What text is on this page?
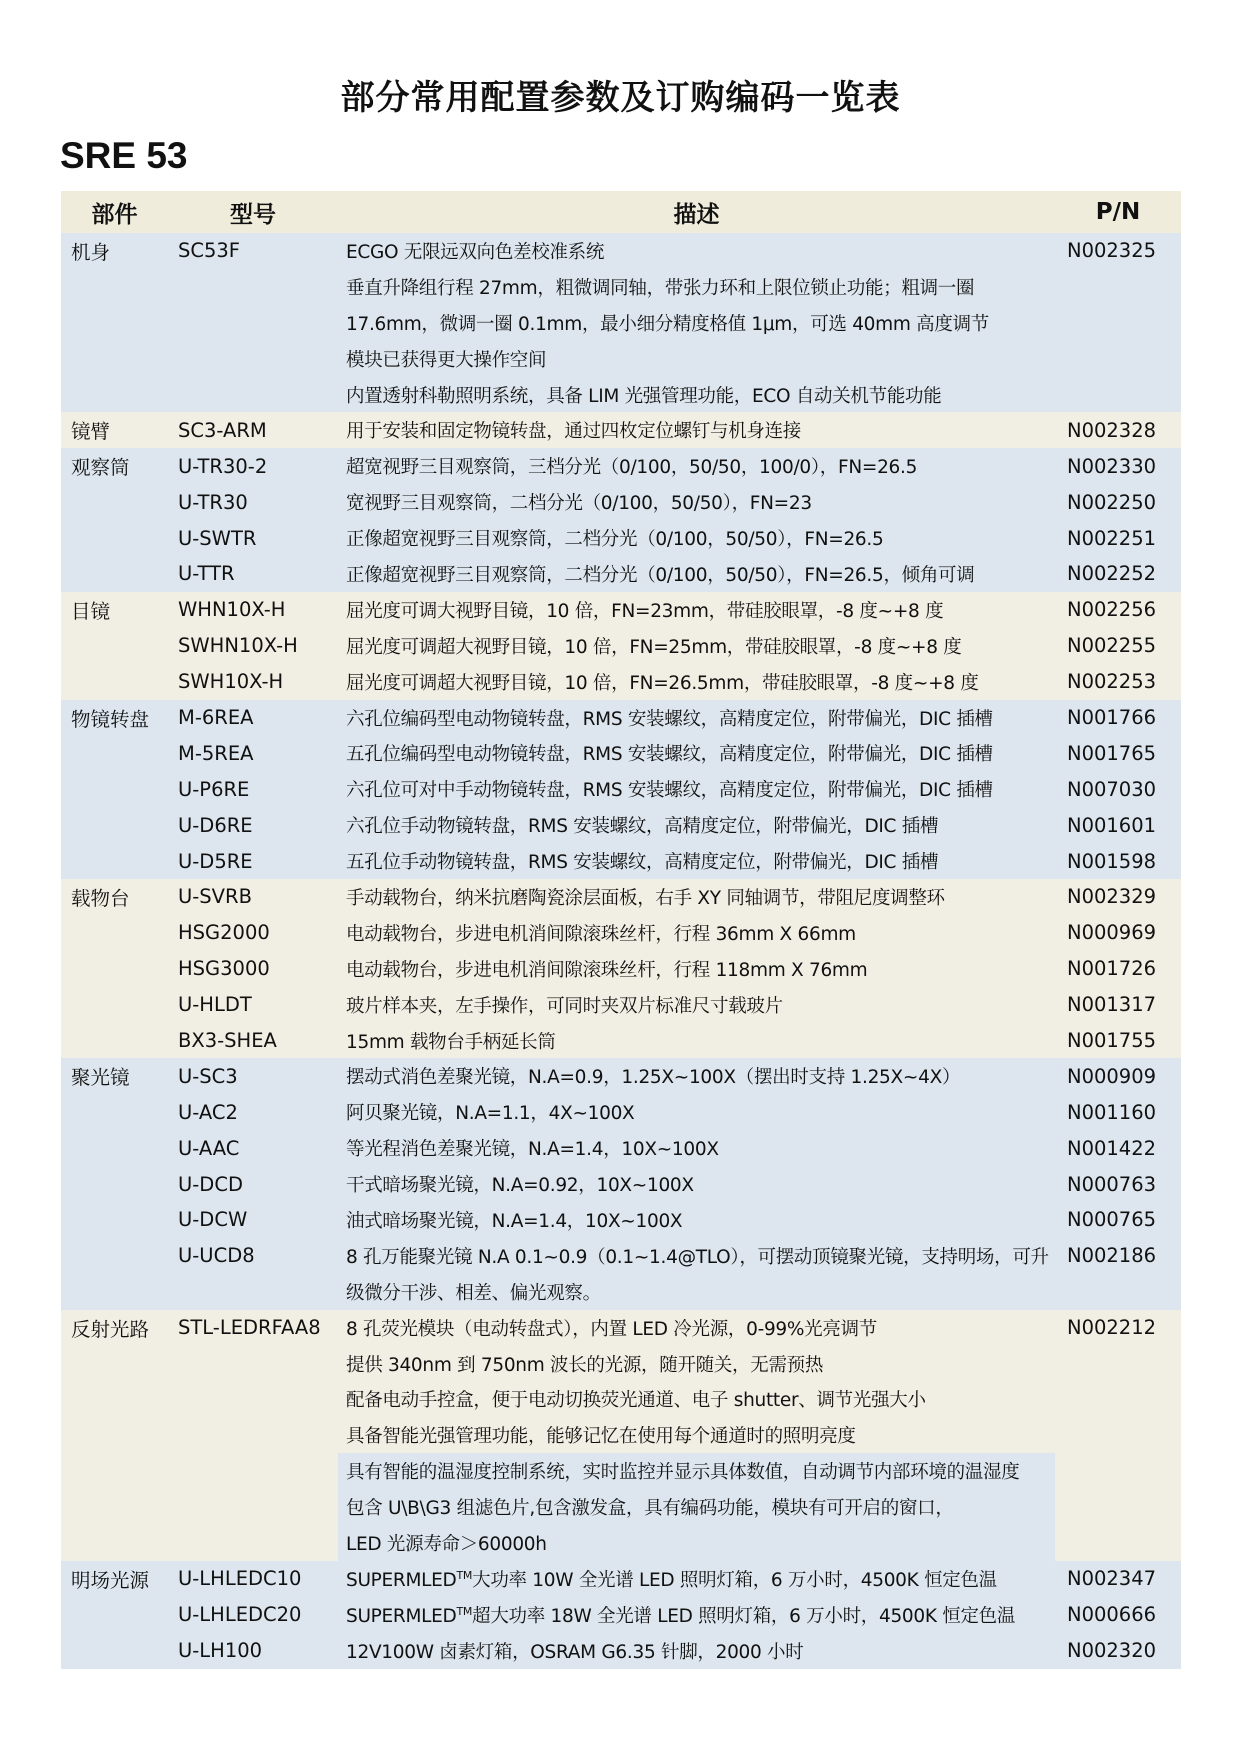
部分常用配置参数及订购编码一览表
SRE 53
部件	型号	描述	P/N
机身	SC53F	ECGO 无限远双向色差校准系统	N002325
		垂直升降组行程 27mm，粗微调同轴，带张力环和上限位锁止功能；粗调一圈	
		17.6mm，微调一圈 0.1mm，最小细分精度格值 1μm，可选 40mm 高度调节	
		模块已获得更大操作空间	
		内置透射科勒照明系统，具备 LIM 光强管理功能，ECO 自动关机节能功能	
镜臂	SC3-ARM	用于安装和固定物镜转盘，通过四枚定位螺钉与机身连接	N002328
观察筒	U-TR30-2	超宽视野三目观察筒，三档分光（0/100，50/50，100/0），FN=26.5	N002330
	U-TR30	宽视野三目观察筒，二档分光（0/100，50/50），FN=23	N002250
	U-SWTR	正像超宽视野三目观察筒，二档分光（0/100，50/50），FN=26.5	N002251
	U-TTR	正像超宽视野三目观察筒，二档分光（0/100，50/50），FN=26.5，倾角可调	N002252
目镜	WHN10X-H	屈光度可调大视野目镜，10 倍，FN=23mm，带硅胶眼罩，-8 度~+8 度	N002256
	SWHN10X-H	屈光度可调超大视野目镜，10 倍，FN=25mm，带硅胶眼罩，-8 度~+8 度	N002255
	SWH10X-H	屈光度可调超大视野目镜，10 倍，FN=26.5mm，带硅胶眼罩，-8 度~+8 度	N002253
物镜转盘	M-6REA	六孔位编码型电动物镜转盘，RMS 安装螺纹，高精度定位，附带偏光，DIC 插槽	N001766
	M-5REA	五孔位编码型电动物镜转盘，RMS 安装螺纹，高精度定位，附带偏光，DIC 插槽	N001765
	U-P6RE	六孔位可对中手动物镜转盘，RMS 安装螺纹，高精度定位，附带偏光，DIC 插槽	N007030
	U-D6RE	六孔位手动物镜转盘，RMS 安装螺纹，高精度定位，附带偏光，DIC 插槽	N001601
	U-D5RE	五孔位手动物镜转盘，RMS 安装螺纹，高精度定位，附带偏光，DIC 插槽	N001598
载物台	U-SVRB	手动载物台，纳米抗磨陶瓷涂层面板，右手 XY 同轴调节，带阻尼度调整环	N002329
	HSG2000	电动载物台，步进电机消间隙滚珠丝杆，行程 36mm X 66mm	N000969
	HSG3000	电动载物台，步进电机消间隙滚珠丝杆，行程 118mm X 76mm	N001726
	U-HLDT	玻片样本夹，左手操作，可同时夹双片标准尺寸载玻片	N001317
	BX3-SHEA	15mm 载物台手柄延长筒	N001755
聚光镜	U-SC3	摆动式消色差聚光镜，N.A=0.9，1.25X~100X（摆出时支持 1.25X~4X）	N000909
	U-AC2	阿贝聚光镜，N.A=1.1，4X~100X	N001160
	U-AAC	等光程消色差聚光镜，N.A=1.4，10X~100X	N001422
	U-DCD	干式暗场聚光镜，N.A=0.92，10X~100X	N000763
	U-DCW	油式暗场聚光镜，N.A=1.4，10X~100X	N000765
	U-UCD8	8 孔万能聚光镜 N.A 0.1~0.9（0.1~1.4@TLO），可摆动顶镜聚光镜，支持明场，可升	N002186
		级微分干涉、相差、偏光观察。	
反射光路	STL-LEDRFAA8	8 孔荧光模块（电动转盘式），内置 LED 冷光源，0-99%光亮调节	N002212
		提供 340nm 到 750nm 波长的光源，随开随关，无需预热	
		配备电动手控盒，便于电动切换荧光通道、电子 shutter、调节光强大小	
		具备智能光强管理功能，能够记忆在使用每个通道时的照明亮度	
		具有智能的温湿度控制系统，实时监控并显示具体数值，自动调节内部环境的温湿度	
		包含 U\B\G3 组滤色片,包含激发盒，具有编码功能，模块有可开启的窗口，	
		LED 光源寿命＞60000h	
明场光源	U-LHLEDC10	SUPERMLED™大功率 10W 全光谱 LED 照明灯箱，6 万小时，4500K 恒定色温	N002347
	U-LHLEDC20	SUPERMLED™超大功率 18W 全光谱 LED 照明灯箱，6 万小时，4500K 恒定色温	N000666
	U-LH100	12V100W 卤素灯箱，OSRAM G6.35 针脚，2000 小时	N002320
